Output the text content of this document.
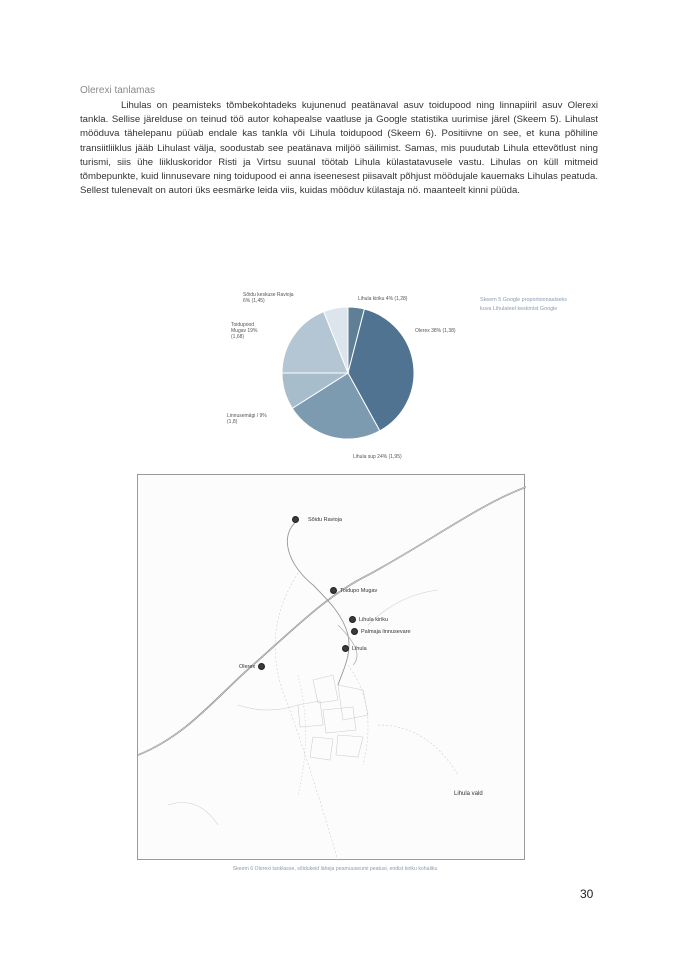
Olerexi tanlamas

Lihulas on peamisteks tõmbekohtadeks kujunenud peatänaval asuv toidupood ning linnapiiril asuv Olerexi tankla. Sellise järelduse on teinud töö autor kohapealse vaatluse ja Google statistika uurimise järel (Skeem 5). Lihulast mööduva tähelepanu püüab endale kas tankla või Lihula toidupood (Skeem 6). Positiivne on see, et kuna põhiline transiitliiklus jääb Lihulast välja, soodustab see peatänava miljöö säilimist. Samas, mis puudutab Lihula ettevõtlust ning turismi, siis ühe liikluskoridor Risti ja Virtsu suunal töötab Lihula külastatavusele vastu. Lihulas on küll mitmeid tõmbepunkte, kuid linnusevare ning toidupood ei anna iseenesest piisavalt põhjust möödujale kauemaks Lihulas peatuda. Sellest tulenevalt on autori üks eesmärke leida viis, kuidas mööduv külastaja nö. maanteelt kinni püüda.

Lihula kiriku 4% (1,28)
Olerex 38% (1,38)
Lihula sup 24% (1,95)
Linnusemägi / 9% (1,8)
Toidupood Mugav 19% (1,68)
Sõidu keskuse Ravioja 6% (1,45)	Skeem 5 Google proportsionaalseks kuva Lihulateel keskmist Google
Sõidu Ravioja
Toidupo Mugav
Lihula kiriku
Palmaja linnusevare
Lihula
Olerex
Lihula vald
Skeem 6 Olerexi tanklasse, sõidukeid läheja peamuuseumi peatusi, endist kiriku kohaliku
30
